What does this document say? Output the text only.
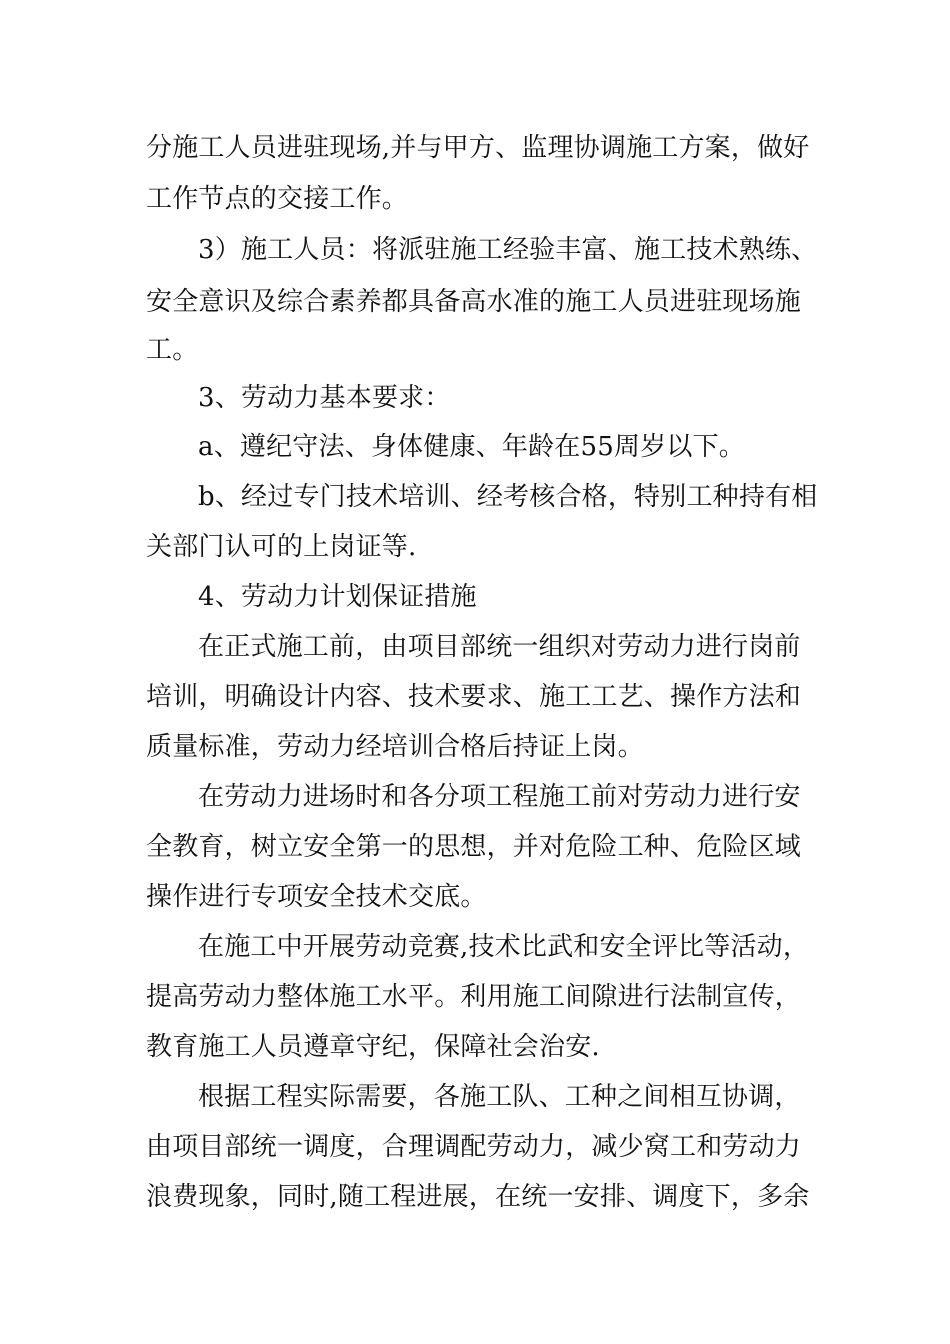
分施工人员进驻现场,并与甲方、监理协调施工方案，做好
工作节点的交接工作。
3）施工人员：将派驻施工经验丰富、施工技术熟练、
安全意识及综合素养都具备高水准的施工人员进驻现场施
工。
3、劳动力基本要求：
a、遵纪守法、身体健康、年龄在55周岁以下。
b、经过专门技术培训、经考核合格，特别工种持有相
关部门认可的上岗证等.
4、劳动力计划保证措施
在正式施工前，由项目部统一组织对劳动力进行岗前
培训，明确设计内容、技术要求、施工工艺、操作方法和
质量标准，劳动力经培训合格后持证上岗。
在劳动力进场时和各分项工程施工前对劳动力进行安
全教育，树立安全第一的思想，并对危险工种、危险区域
操作进行专项安全技术交底。
在施工中开展劳动竞赛,技术比武和安全评比等活动，
提高劳动力整体施工水平。利用施工间隙进行法制宣传，
教育施工人员遵章守纪，保障社会治安.
根据工程实际需要，各施工队、工种之间相互协调，
由项目部统一调度，合理调配劳动力，减少窝工和劳动力
浪费现象，同时,随工程进展，在统一安排、调度下，多余
